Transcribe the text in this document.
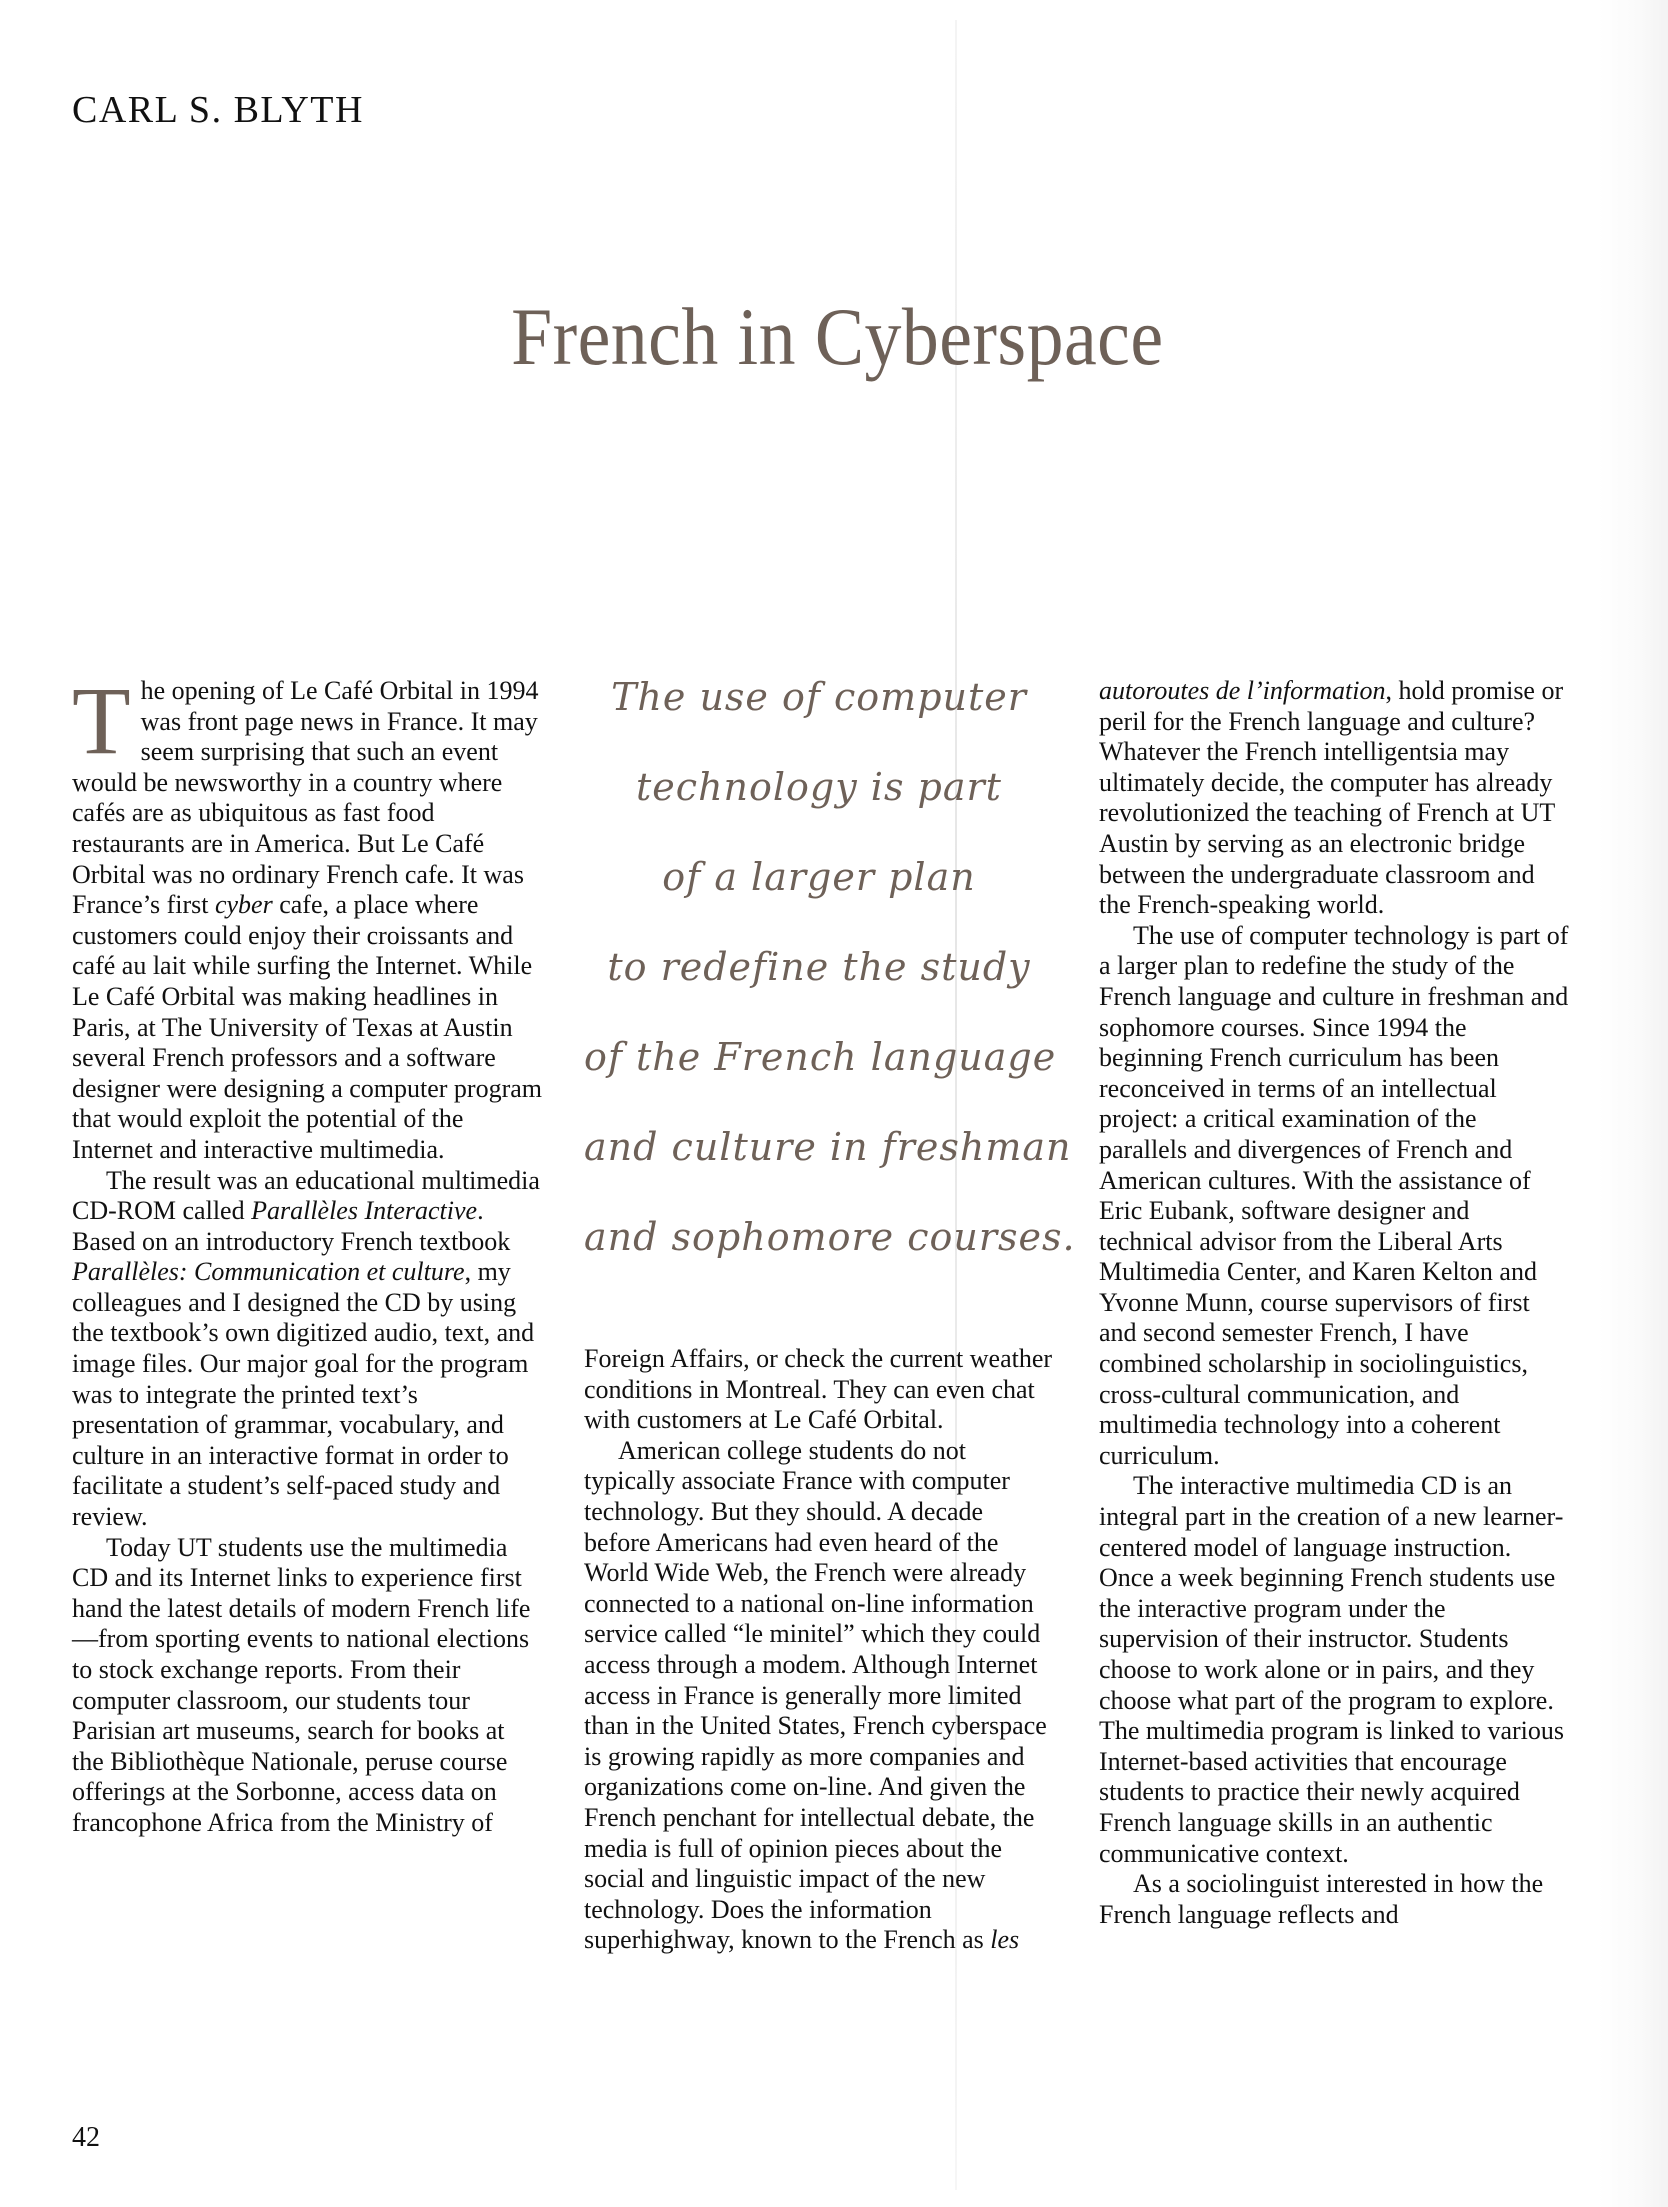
CARL S. BLYTH
French in Cyberspace

The opening of Le Café Orbital in 1994 was front page news in France. It may seem surprising that such an event would be newsworthy in a country where cafés are as ubiquitous as fast food restaurants are in America. But Le Café Orbital was no ordinary French cafe. It was France’s first cyber cafe, a place where customers could enjoy their croissants and café au lait while surfing the Internet. While Le Café Orbital was making headlines in Paris, at The University of Texas at Austin several French professors and a software designer were designing a computer program that would exploit the potential of the Internet and interactive multimedia.

The result was an educational multimedia CD-ROM called Parallèles Interactive. Based on an introductory French textbook Parallèles: Communication et culture, my colleagues and I designed the CD by using the textbook’s own digitized audio, text, and image files. Our major goal for the program was to integrate the printed text’s presentation of grammar, vocabulary, and culture in an interactive format in order to facilitate a student’s self-paced study and review.

Today UT students use the multimedia CD and its Internet links to experience first hand the latest details of modern French life—from sporting events to national elections to stock exchange reports. From their computer classroom, our students tour Parisian art museums, search for books at the Bibliothèque Nationale, peruse course offerings at the Sorbonne, access data on francophone Africa from the Ministry of

The use of computer
technology is part
of a larger plan
to redefine the study
of the French language
and culture in freshman
and sophomore courses.

Foreign Affairs, or check the current weather conditions in Montreal. They can even chat with customers at Le Café Orbital.

American college students do not typically associate France with computer technology. But they should. A decade before Americans had even heard of the World Wide Web, the French were already connected to a national on-line information service called “le minitel” which they could access through a modem. Although Internet access in France is generally more limited than in the United States, French cyberspace is growing rapidly as more companies and organizations come on-line. And given the French penchant for intellectual debate, the media is full of opinion pieces about the social and linguistic impact of the new technology. Does the information superhighway, known to the French as les

autoroutes de l’information, hold promise or peril for the French language and culture? Whatever the French intelligentsia may ultimately decide, the computer has already revolutionized the teaching of French at UT Austin by serving as an electronic bridge between the undergraduate classroom and the French-speaking world.

The use of computer technology is part of a larger plan to redefine the study of the French language and culture in freshman and sophomore courses. Since 1994 the beginning French curriculum has been reconceived in terms of an intellectual project: a critical examination of the parallels and divergences of French and American cultures. With the assistance of Eric Eubank, software designer and technical advisor from the Liberal Arts Multimedia Center, and Karen Kelton and Yvonne Munn, course supervisors of first and second semester French, I have combined scholarship in sociolinguistics, cross-cultural communication, and multimedia technology into a coherent curriculum.

The interactive multimedia CD is an integral part in the creation of a new learner-centered model of language instruction. Once a week beginning French students use the interactive program under the supervision of their instructor. Students choose to work alone or in pairs, and they choose what part of the program to explore. The multimedia program is linked to various Internet-based activities that encourage students to practice their newly acquired French language skills in an authentic communicative context.

As a sociolinguist interested in how the French language reflects and

42
